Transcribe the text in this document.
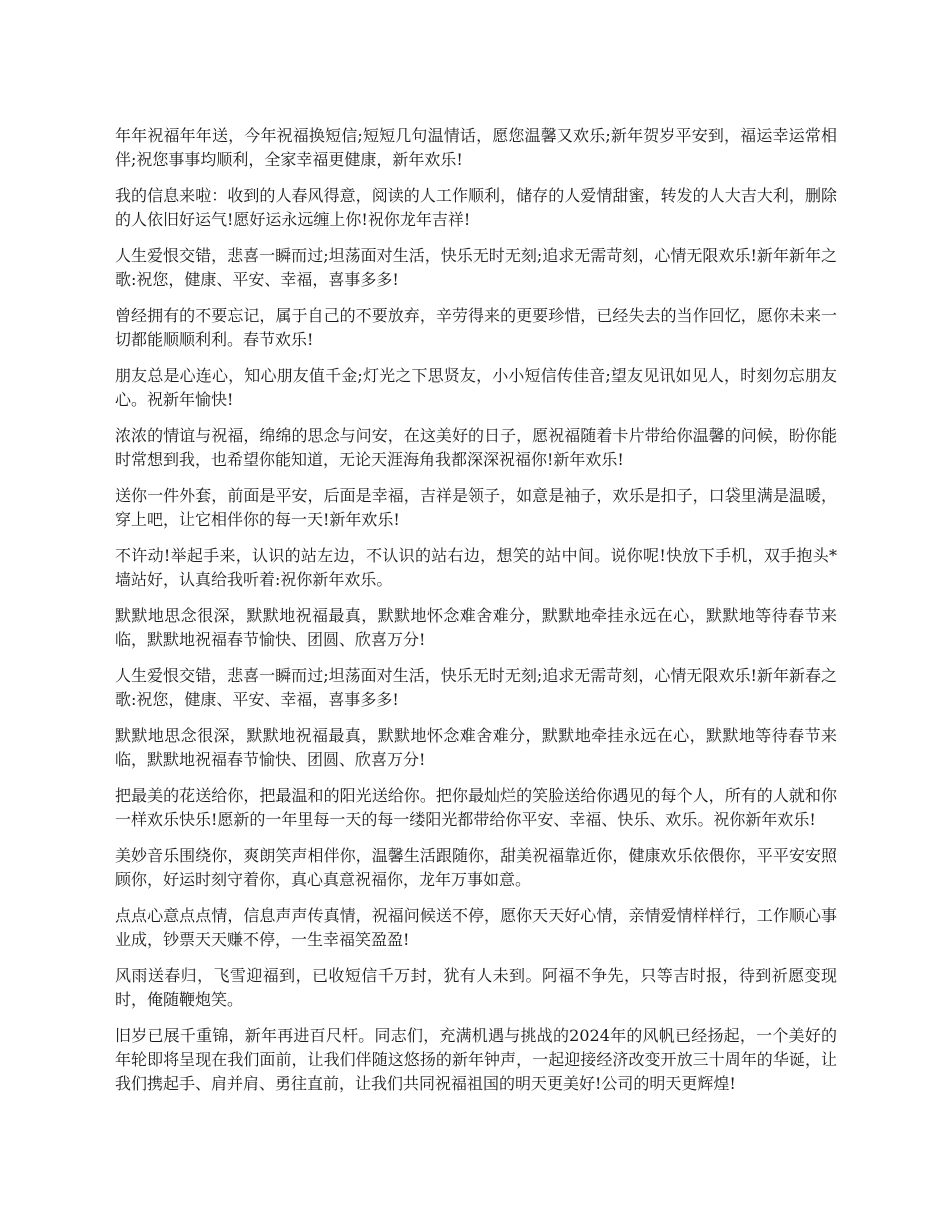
年年祝福年年送，今年祝福换短信;短短几句温情话，愿您温馨又欢乐;新年贺岁平安到，福运幸运常相伴;祝您事事均顺利，全家幸福更健康，新年欢乐!

我的信息来啦：收到的人春风得意，阅读的人工作顺利，储存的人爱情甜蜜，转发的人大吉大利，删除的人依旧好运气!愿好运永远缠上你!祝你龙年吉祥!

人生爱恨交错，悲喜一瞬而过;坦荡面对生活，快乐无时无刻;追求无需苛刻，心情无限欢乐!新年新年之歌:祝您，健康、平安、幸福，喜事多多!

曾经拥有的不要忘记，属于自己的不要放弃，辛劳得来的更要珍惜，已经失去的当作回忆，愿你未来一切都能顺顺利利。春节欢乐!

朋友总是心连心，知心朋友值千金;灯光之下思贤友，小小短信传佳音;望友见讯如见人，时刻勿忘朋友心。祝新年愉快!

浓浓的情谊与祝福，绵绵的思念与问安，在这美好的日子，愿祝福随着卡片带给你温馨的问候，盼你能时常想到我，也希望你能知道，无论天涯海角我都深深祝福你!新年欢乐!

送你一件外套，前面是平安，后面是幸福，吉祥是领子，如意是袖子，欢乐是扣子，口袋里满是温暖，穿上吧，让它相伴你的每一天!新年欢乐!

不许动!举起手来，认识的站左边，不认识的站右边，想笑的站中间。说你呢!快放下手机，双手抱头*墙站好，认真给我听着:祝你新年欢乐。

默默地思念很深，默默地祝福最真，默默地怀念难舍难分，默默地牵挂永远在心，默默地等待春节来临，默默地祝福春节愉快、团圆、欣喜万分!

人生爱恨交错，悲喜一瞬而过;坦荡面对生活，快乐无时无刻;追求无需苛刻，心情无限欢乐!新年新春之歌:祝您，健康、平安、幸福，喜事多多!

默默地思念很深，默默地祝福最真，默默地怀念难舍难分，默默地牵挂永远在心，默默地等待春节来临，默默地祝福春节愉快、团圆、欣喜万分!

把最美的花送给你，把最温和的阳光送给你。把你最灿烂的笑脸送给你遇见的每个人，所有的人就和你一样欢乐快乐!愿新的一年里每一天的每一缕阳光都带给你平安、幸福、快乐、欢乐。祝你新年欢乐!

美妙音乐围绕你，爽朗笑声相伴你，温馨生活跟随你，甜美祝福靠近你，健康欢乐依偎你，平平安安照顾你，好运时刻守着你，真心真意祝福你，龙年万事如意。

点点心意点点情，信息声声传真情，祝福问候送不停，愿你天天好心情，亲情爱情样样行，工作顺心事业成，钞票天天赚不停，一生幸福笑盈盈!

风雨送春归，飞雪迎福到，已收短信千万封，犹有人未到。阿福不争先，只等吉时报，待到祈愿变现时，俺随鞭炮笑。

旧岁已展千重锦，新年再进百尺杆。同志们，充满机遇与挑战的2024年的风帆已经扬起，一个美好的年轮即将呈现在我们面前，让我们伴随这悠扬的新年钟声，一起迎接经济改变开放三十周年的华诞，让我们携起手、肩并肩、勇往直前，让我们共同祝福祖国的明天更美好!公司的明天更辉煌!
